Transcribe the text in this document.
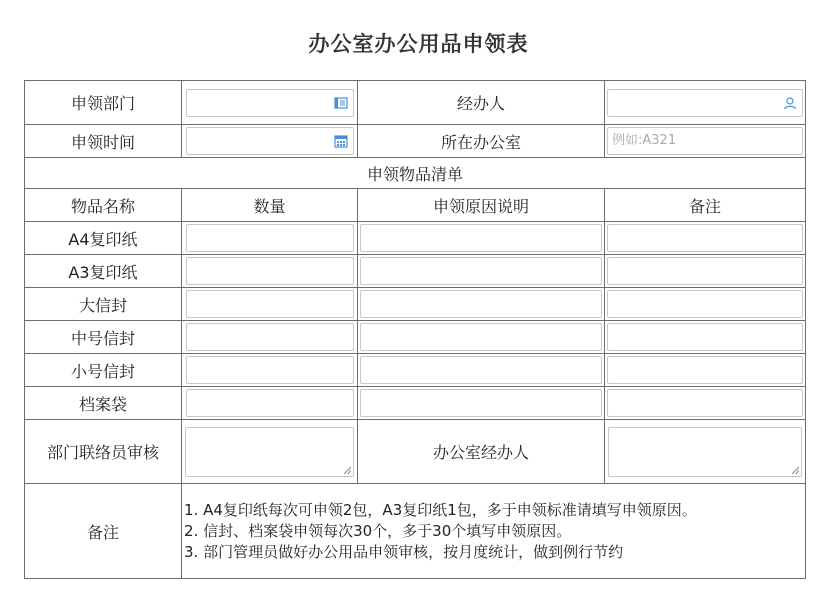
办公室办公用品申领表
申领部门		经办人	

申领时间		所在办公室	例如:A321

申领物品清单			
物品名称	数量	申领原因说明	备注
A4复印纸	

A3复印纸	

大信封	

中号信封	

小号信封	

档案袋	

部门联络员审核		办公室经办人	

备注	1. A4复印纸每次可申领2包，A3复印纸1包，多于申领标准请填写申领原因。
2. 信封、档案袋申领每次30个，多于30个填写申领原因。
3. 部门管理员做好办公用品申领审核，按月度统计，做到例行节约		
